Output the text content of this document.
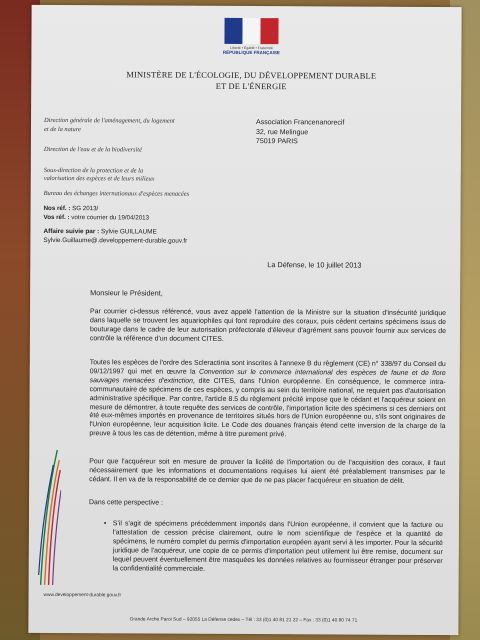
Liberté • Égalité • Fraternité
RÉPUBLIQUE FRANÇAISE
MINISTÈRE DE L'ÉCOLOGIE, DU DÉVELOPPEMENT DURABLE
ET DE L'ÉNERGIE
Direction générale de l'aménagement, du logement
et de la nature
Direction de l'eau et de la biodiversité
Sous-direction de la protection et de la
valorisation des espèces et de leurs milieux
Bureau des échanges internationaux d'espèces menacées
Association Francenanorecif
32, rue Melingue
75019 PARIS
Nos réf. : SG 2013/
Vos réf. : votre courrier du 19/04/2013
Affaire suivie par : Sylvie GUILLAUME
Sylvie.Guillaume@.developpement-durable.gouv.fr
La Défense, le 10 juillet 2013
Monsieur le Président,

Par courrier ci-dessus référencé, vous avez appelé l'attention de la Ministre sur la situation d'insécurité juridique dans laquelle se trouvent les aquariophiles qui font reproduire des coraux, puis cèdent certains spécimens issus de bouturage dans le cadre de leur autorisation préfectorale d'éleveur d'agrément sans pouvoir fournir aux services de contrôle la référence d'un document CITES.

Toutes les espèces de l'ordre des Scleractinia sont inscrites à l'annexe B du règlement (CE) n° 338/97 du Conseil du 09/12/1997 qui met en œuvre la Convention sur le commerce international des espèces de faune et de flore sauvages menacées d'extinction, dite CITES, dans l'Union européenne. En conséquence, le commerce intra-communautaire de spécimens de ces espèces, y compris au sein du territoire national, ne requiert pas d'autorisation administrative spécifique. Par contre, l'article 8.5 du règlement précité impose que le cédant et l'acquéreur soient en mesure de démontrer, à toute requête des services de contrôle, l'importation licite des spécimens si ces derniers ont été eux-mêmes importés en provenance de territoires situés hors de l'Union européenne ou, s'ils sont originaires de l'Union européenne, leur acquisition licite. Le Code des douanes français étend cette inversion de la charge de la preuve à tous les cas de détention, même à titre purement privé.

Pour que l'acquéreur soit en mesure de prouver la licéité de l'importation ou de l'acquisition des coraux, il faut nécessairement que les informations et documentations requises lui aient été préalablement transmises par le cédant. Il en va de la responsabilité de ce dernier que de ne pas placer l'acquéreur en situation de délit.

Dans cette perspective :
• S'il s'agit de spécimens précédemment importés dans l'Union européenne, il convient que la facture ou l'attestation de cession précise clairement, outre le nom scientifique de l'espèce et la quantité de spécimens, le numéro complet du permis d'importation européen ayant servi à les importer. Pour la sécurité juridique de l'acquéreur, une copie de ce permis d'importation peut utilement lui être remise, document sur lequel peuvent éventuellement être masquées les données relatives au fournisseur étranger pour préserver la confidentialité commerciale.

www.developpement-durable.gouv.fr
Grande Arche Paroi Sud – 92055 La Défense cedex – Tél : 33 (0)1 40 81 21 22 – Fax : 33 (0)1 40 80 74 71
